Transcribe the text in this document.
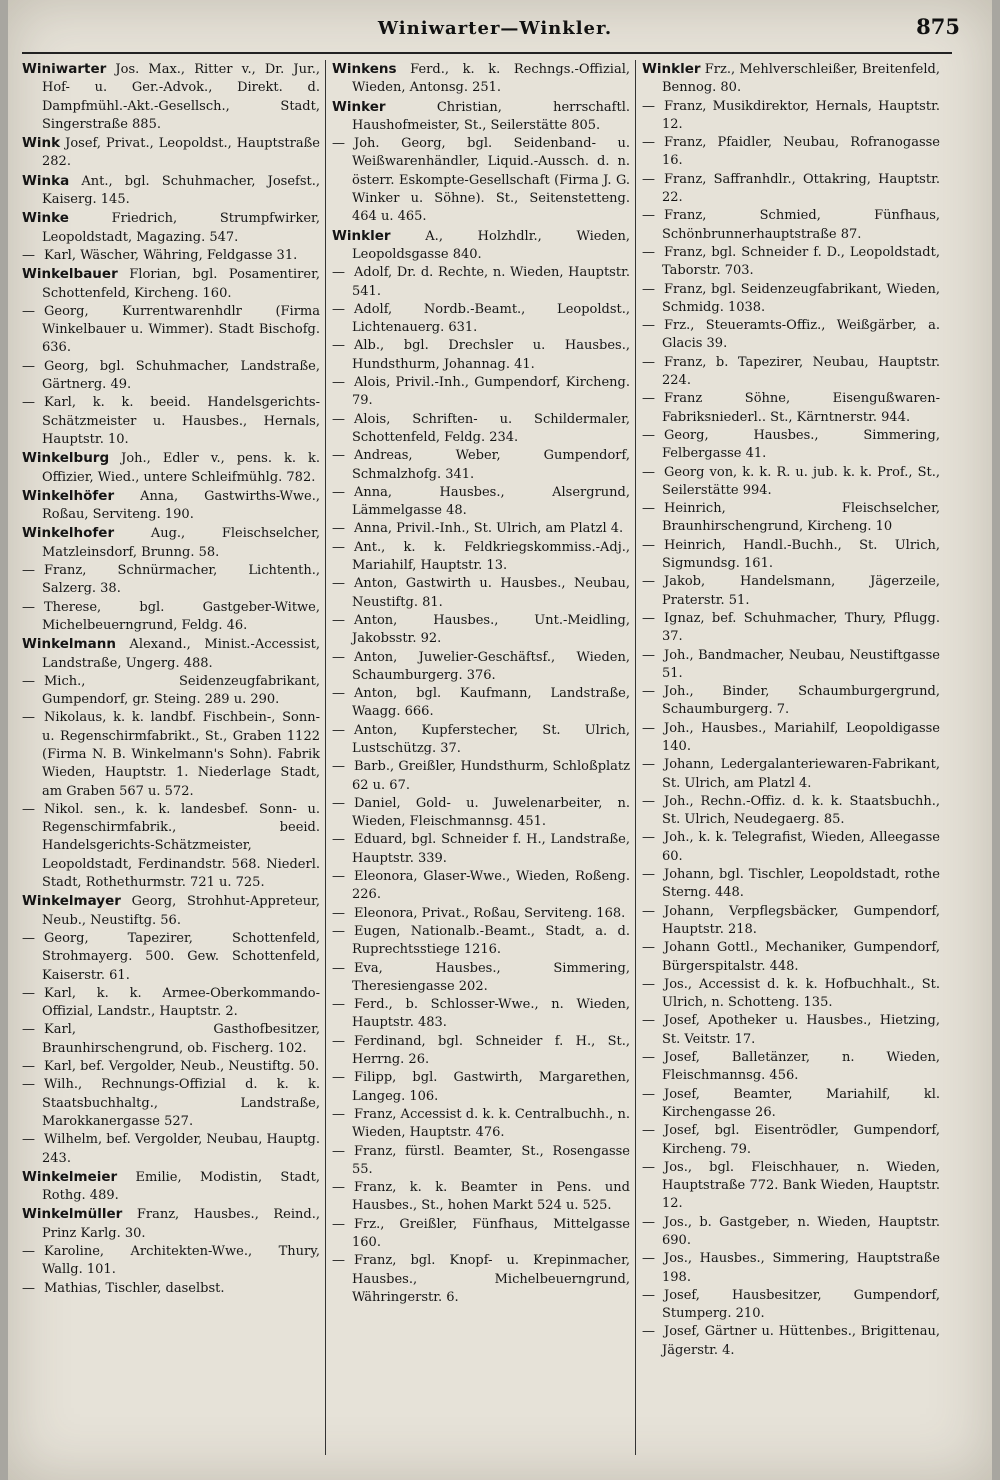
Winiwarter—Winkler.	875

Winiwarter Jos. Max., Ritter v., Dr. Jur., Hof- u. Ger.-Advok., Direkt. d. Dampfmühl.-Akt.-Gesellsch., Stadt, Singerstraße 885.

Wink Josef, Privat., Leopoldst., Hauptstraße 282.

Winka Ant., bgl. Schuhmacher, Josefst., Kaiserg. 145.

Winke	Friedrich, Strumpfwirker, Leopoldstadt, Magazing. 547.

— Karl, Wäscher, Währing, Feldgasse 31.

Winkelbauer Florian, bgl. Posamentirer, Schottenfeld, Kircheng. 160.

— Georg, Kurrentwarenhdlr (Firma Winkelbauer u. Wimmer). Stadt Bischofg. 636.

— Georg, bgl. Schuhmacher, Landstraße, Gärtnerg. 49.

— Karl, k. k. beeid. Handelsgerichts-Schätzmeister u. Hausbes., Hernals, Hauptstr. 10.

Winkelburg Joh., Edler v., pens. k. k. Offizier, Wied., untere Schleifmühlg. 782.

Winkelhöfer Anna, Gastwirths-Wwe., Roßau, Serviteng. 190.

Winkelhofer	Aug., Fleischselcher, Matzleinsdorf, Brunng. 58.

— Franz, Schnürmacher, Lichtenth., Salzerg. 38.

— Therese, bgl. Gastgeber-Witwe, Michelbeuerngrund, Feldg. 46.

Winkelmann Alexand., Minist.-Accessist, Landstraße, Ungerg. 488.

— Mich., Seidenzeugfabrikant, Gumpendorf, gr. Steing. 289 u. 290.

— Nikolaus, k. k. landbf. Fischbein-, Sonn- u. Regenschirmfabrikt., St., Graben 1122 (Firma N. B. Winkelmann's Sohn). Fabrik Wieden, Hauptstr. 1. Niederlage Stadt, am Graben 567 u. 572.

— Nikol. sen., k. k. landesbef. Sonn- u. Regenschirmfabrik., beeid. Handelsgerichts-Schätzmeister, Leopoldstadt, Ferdinandstr. 568. Niederl. Stadt, Rothethurmstr. 721 u. 725.

Winkelmayer Georg, Strohhut-Appreteur, Neub., Neustiftg. 56.

— Georg, Tapezirer, Schottenfeld, Strohmayerg. 500. Gew. Schottenfeld, Kaiserstr. 61.

— Karl, k. k. Armee-Oberkommando-Offizial, Landstr., Hauptstr. 2.

— Karl, Gasthofbesitzer, Braunhirschengrund, ob. Fischerg. 102.

— Karl, bef. Vergolder, Neub., Neustiftg. 50.

— Wilh., Rechnungs-Offizial d. k. k. Staatsbuchhaltg., Landstraße, Marokkanergasse 527.

— Wilhelm, bef. Vergolder, Neubau, Hauptg. 243.

Winkelmeier Emilie, Modistin, Stadt, Rothg. 489.

Winkelmüller Franz, Hausbes., Reind., Prinz Karlg. 30.

— Karoline, Architekten-Wwe., Thury, Wallg. 101.

— Mathias, Tischler, daselbst.

Winkens Ferd., k. k. Rechngs.-Offizial, Wieden, Antonsg. 251.

Winker	Christian, herrschaftl. Haushofmeister, St., Seilerstätte 805.

— Joh. Georg, bgl. Seidenband- u. Weißwarenhändler, Liquid.-Aussch. d. n. österr. Eskompte-Gesellschaft (Firma J. G. Winker u. Söhne). St., Seitenstetteng. 464 u. 465.

Winkler	A., Holzhdlr., Wieden, Leopoldsgasse 840.

— Adolf, Dr. d. Rechte, n. Wieden, Hauptstr. 541.

— Adolf, Nordb.-Beamt., Leopoldst., Lichtenauerg. 631.

— Alb., bgl. Drechsler u. Hausbes., Hundsthurm, Johannag. 41.

— Alois, Privil.-Inh., Gumpendorf, Kircheng. 79.

— Alois, Schriften- u. Schildermaler, Schottenfeld, Feldg. 234.

— Andreas, Weber, Gumpendorf, Schmalzhofg. 341.

— Anna, Hausbes., Alsergrund, Lämmelgasse 48.

— Anna, Privil.-Inh., St. Ulrich, am Platzl 4.

— Ant., k. k. Feldkriegskommiss.-Adj., Mariahilf, Hauptstr. 13.

— Anton, Gastwirth u. Hausbes., Neubau, Neustiftg. 81.

— Anton, Hausbes., Unt.-Meidling, Jakobsstr. 92.

— Anton, Juwelier-Geschäftsf., Wieden, Schaumburgerg. 376.

— Anton, bgl. Kaufmann, Landstraße, Waagg. 666.

— Anton, Kupferstecher, St. Ulrich, Lustschützg. 37.

— Barb., Greißler, Hundsthurm, Schloßplatz 62 u. 67.

— Daniel, Gold- u. Juwelenarbeiter, n. Wieden, Fleischmannsg. 451.

— Eduard, bgl. Schneider f. H., Landstraße, Hauptstr. 339.

— Eleonora, Glaser-Wwe., Wieden, Roßeng. 226.

— Eleonora, Privat., Roßau, Serviteng. 168.

— Eugen, Nationalb.-Beamt., Stadt, a. d. Ruprechtsstiege 1216.

— Eva, Hausbes., Simmering, Theresiengasse 202.

— Ferd., b. Schlosser-Wwe., n. Wieden, Hauptstr. 483.

— Ferdinand, bgl. Schneider f. H., St., Herrng. 26.

— Filipp, bgl. Gastwirth, Margarethen, Langeg. 106.

— Franz, Accessist d. k. k. Centralbuchh., n. Wieden, Hauptstr. 476.

— Franz, fürstl. Beamter, St., Rosengasse 55.

— Franz, k. k. Beamter in Pens. und Hausbes., St., hohen Markt 524 u. 525.

— Frz., Greißler, Fünfhaus, Mittelgasse 160.

— Franz, bgl. Knopf- u. Krepinmacher, Hausbes., Michelbeuerngrund, Währingerstr. 6.

Winkler Frz., Mehlverschleißer, Breitenfeld, Bennog. 80.

— Franz, Musikdirektor, Hernals, Hauptstr. 12.

— Franz, Pfaidler, Neubau, Rofranogasse 16.

— Franz, Saffranhdlr., Ottakring, Hauptstr. 22.

— Franz, Schmied, Fünfhaus, Schönbrunnerhauptstraße 87.

— Franz, bgl. Schneider f. D., Leopoldstadt, Taborstr. 703.

— Franz, bgl. Seidenzeugfabrikant, Wieden, Schmidg. 1038.

— Frz., Steueramts-Offiz., Weißgärber, a. Glacis 39.

— Franz, b. Tapezirer, Neubau, Hauptstr. 224.

— Franz Söhne, Eisengußwaren-Fabriksniederl.. St., Kärntnerstr. 944.

— Georg, Hausbes., Simmering, Felbergasse 41.

— Georg von, k. k. R. u. jub. k. k. Prof., St., Seilerstätte 994.

— Heinrich, Fleischselcher, Braunhirschengrund, Kircheng. 10

— Heinrich, Handl.-Buchh., St. Ulrich, Sigmundsg. 161.

— Jakob, Handelsmann, Jägerzeile, Praterstr. 51.

— Ignaz, bef. Schuhmacher, Thury, Pflugg. 37.

— Joh., Bandmacher, Neubau, Neustiftgasse 51.

— Joh., Binder, Schaumburgergrund, Schaumburgerg. 7.

— Joh., Hausbes., Mariahilf, Leopoldigasse 140.

— Johann, Ledergalanteriewaren-Fabrikant, St. Ulrich, am Platzl 4.

— Joh., Rechn.-Offiz. d. k. k. Staatsbuchh., St. Ulrich, Neudegaerg. 85.

— Joh., k. k. Telegrafist, Wieden, Alleegasse 60.

— Johann, bgl. Tischler, Leopoldstadt, rothe Sterng. 448.

— Johann, Verpflegsbäcker, Gumpendorf, Hauptstr. 218.

— Johann Gottl., Mechaniker, Gumpendorf, Bürgerspitalstr. 448.

— Jos., Accessist d. k. k. Hofbuchhalt., St. Ulrich, n. Schotteng. 135.

— Josef, Apotheker u. Hausbes., Hietzing, St. Veitstr. 17.

— Josef, Balletänzer, n. Wieden, Fleischmannsg. 456.

— Josef, Beamter, Mariahilf, kl. Kirchengasse 26.

— Josef, bgl. Eisentrödler, Gumpendorf, Kircheng. 79.

— Jos., bgl. Fleischhauer, n. Wieden, Hauptstraße 772. Bank Wieden, Hauptstr. 12.

— Jos., b. Gastgeber, n. Wieden, Hauptstr. 690.

— Jos., Hausbes., Simmering, Hauptstraße 198.

— Josef, Hausbesitzer, Gumpendorf, Stumperg. 210.

— Josef, Gärtner u. Hüttenbes., Brigittenau, Jägerstr. 4.
